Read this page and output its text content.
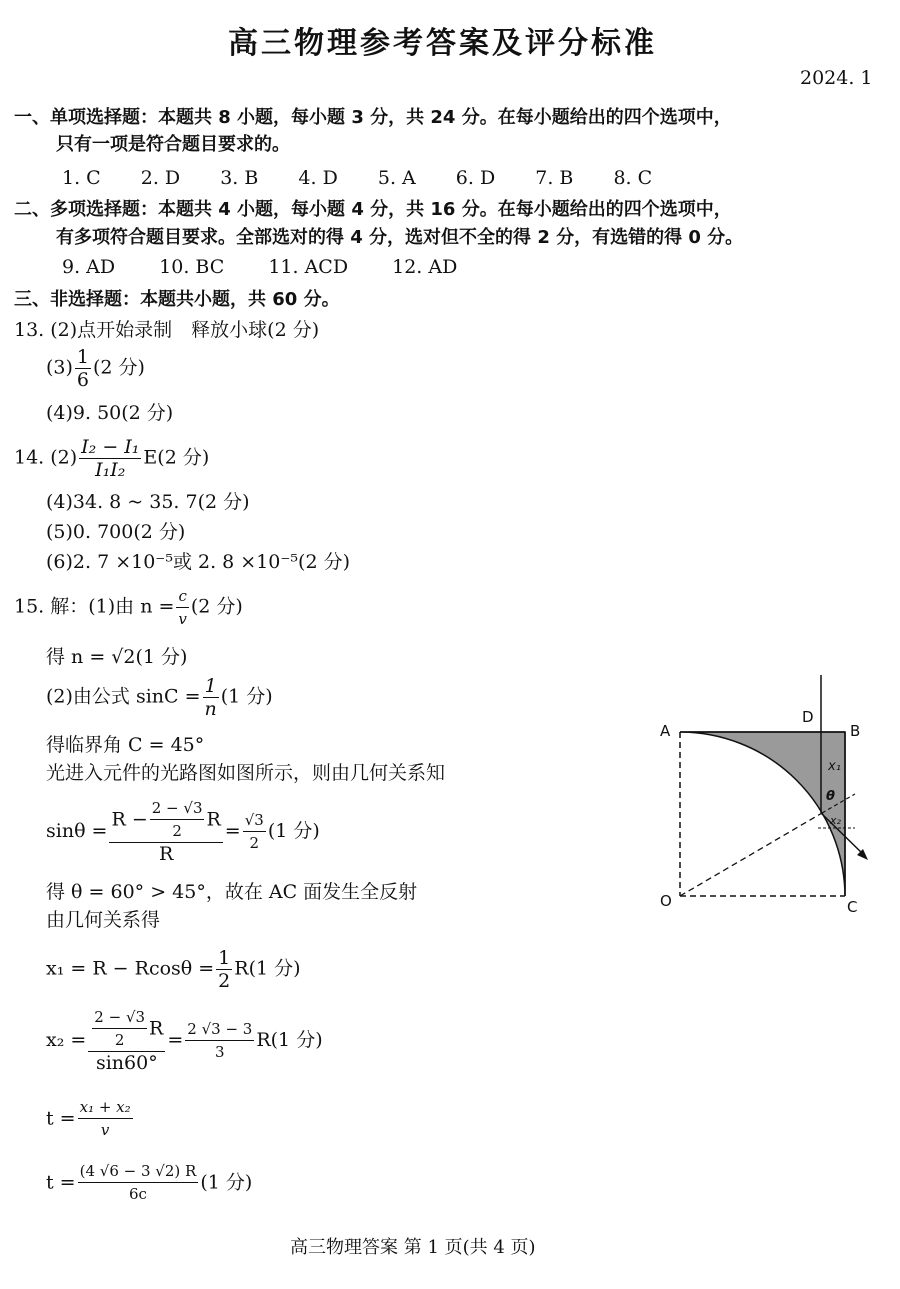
高三物理参考答案及评分标准
2024. 1
一、单项选择题：本题共 8 小题，每小题 3 分，共 24 分。在每小题给出的四个选项中，
只有一项是符合题目要求的。
1. C 2. D 3. B 4. D 5. A 6. D 7. B 8. C
二、多项选择题：本题共 4 小题，每小题 4 分，共 16 分。在每小题给出的四个选项中，
有多项符合题目要求。全部选对的得 4 分，选对但不全的得 2 分，有选错的得 0 分。
9. AD 10. BC 11. ACD 12. AD
三、非选择题：本题共小题，共 60 分。
13. (2)点开始录制　释放小球(2 分)
$(3) \frac{1}{6} (2$ 分)
(4)9. 50(2 分)
14. $(2) \frac{\text{I₂ − I₁}}{\text{I₁I₂}} E(2$ 分)
(4)34. 8 ~ 35. 7(2 分)
(5)0. 700(2 分)
(6)2. 7 ×10⁻⁵或 2. 8 ×10⁻⁵(2 分)
15. 解：(1)由 $n = \frac{c}{v} (2$ 分)
得 n = √2(1 分)
(2)由公式 $\sin C = \frac{1}{n} (1$ 分)
得临界角 C = 45°
光进入元件的光路图如图所示，则由几何关系知
$\sin\theta = \frac{R - \frac{2 - √3}{2} R}{R} = \frac{√3}{2} (1$ 分)
得 θ = 60° > 45°，故在 AC 面发生全反射
由几何关系得
$x_1 = R - Rcos\theta = \frac{1}{2} R(1$ 分)
$x_2 = \frac{\frac{2 - √3}{2} R}{\sin 60^\circ} = \frac{2 √3 - 3}{3} R(1$ 分)
$t = \frac{\text{x₁ + x₂}}{v}$
$t = \frac{(4 √6 - 3 √2) R}{6c} (1$ 分)
A	B
C
D
O
x₁
θ
x₂
高三物理答案 第 1 页(共 4 页)
